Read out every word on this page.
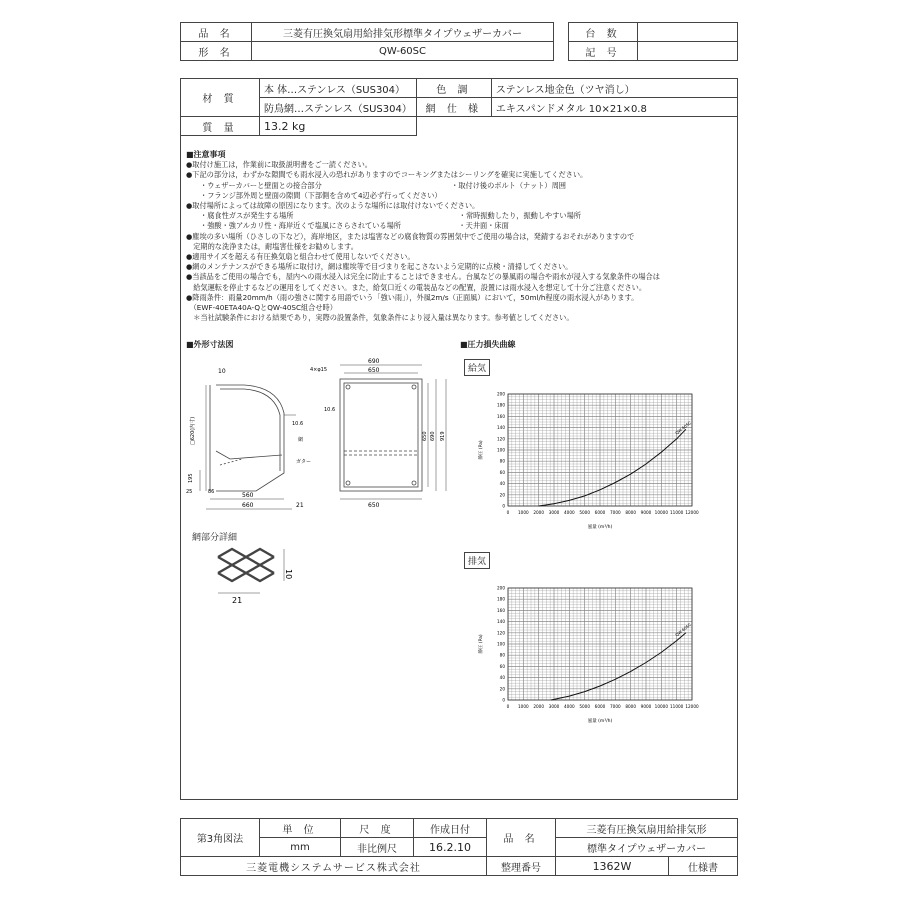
品 名	三菱有圧換気扇用給排気形標準タイプウェザーカバー
形 名	QW-60SC
台 数	
記 号	
材 質	本 体…ステンレス（SUS304）	色 調	ステンレス地金色（ツヤ消し）
	防鳥網…ステンレス（SUS304）	網 仕 様	エキスパンドメタル 10×21×0.8
質 量	13.2 kg		
■注意事項
●取付け施工は，作業前に取扱説明書をご一読ください。
●下記の部分は，わずかな隙間でも雨水浸入の恐れがありますのでコーキングまたはシーリングを確実に実施してください。
・ウェザーカバーと壁面との接合部分　　　　　　　　　　　　　　　　　　・取付け後のボルト（ナット）周囲
・フランジ部外周と壁面の隙間（下部側を含めて4辺必ず行ってください）
●取付場所によっては故障の原因になります。次のような場所には取付けないでください。
・腐食性ガスが発生する場所　　　　　　　　　　　　　　　　　　　　　　　・常時振動したり，振動しやすい場所
・強酸・強アルカリ性・海岸近くで塩風にさらされている場所　　　　　　　　・天井面・床面
●塵埃の多い場所（ひさしの下など），海岸地区，または塩害などの腐食物質の雰囲気中でご使用の場合は，発錆するおそれがありますので
　定期的な洗浄または，耐塩害仕様をお勧めします。
●適用サイズを超える有圧換気扇と組合わせて使用しないでください。
●網のメンテナンスができる場所に取付け，網は塵埃等で目づまりを起こさないよう定期的に点検・清掃してください。
●当該品をご使用の場合でも，屋内への雨水浸入は完全に防止することはできません。台風などの暴風雨の場合や雨水が浸入する気象条件の場合は
　給気運転を停止するなどの運用をしてください。また，給気口近くの電装品などの配置，設置には雨水浸入を想定して十分ご注意ください。
●降雨条件：雨量20mm/h（雨の強さに関する用語でいう「強い雨」），外風2m/s（正面風）において，50ml/h程度の雨水浸入があります。
　（EWF-40ETA40A-QとQW-40SC組合せ時）
　＊当社試験条件における結果であり，実際の設置条件，気象条件により浸入量は異なります。参考値としてください。
■外形寸法図	■圧力損失曲線
網部分詳細
10
□620(内寸)
195
25	86	560
660	21
10.6
網
ガター
690
650
4×φ15
10.6
650
650 690 919
10
21
給気
排気
0 1000 2000 3000 4000 5000 6000 7000 8000 9000 10000 11000 12000
0
20
40
60
80
100
120
140
160
180
200
風量 (m³/h)
静圧 (Pa)
QW-60SC
0 1000 2000 3000 4000 5000 6000 7000 8000 9000 10000 11000 12000
0
20
40
60
80
100
120
140
160
180
200
風量 (m³/h)
静圧 (Pa)
QW-60SC
第3角図法	単 位	尺 度	作成日付	品 名	三菱有圧換気扇用給排気形	
	mm	非比例尺	16.2.10		標準タイプウェザーカバー	
三菱電機システムサービス株式会社				整理番号	1362W	仕様書
